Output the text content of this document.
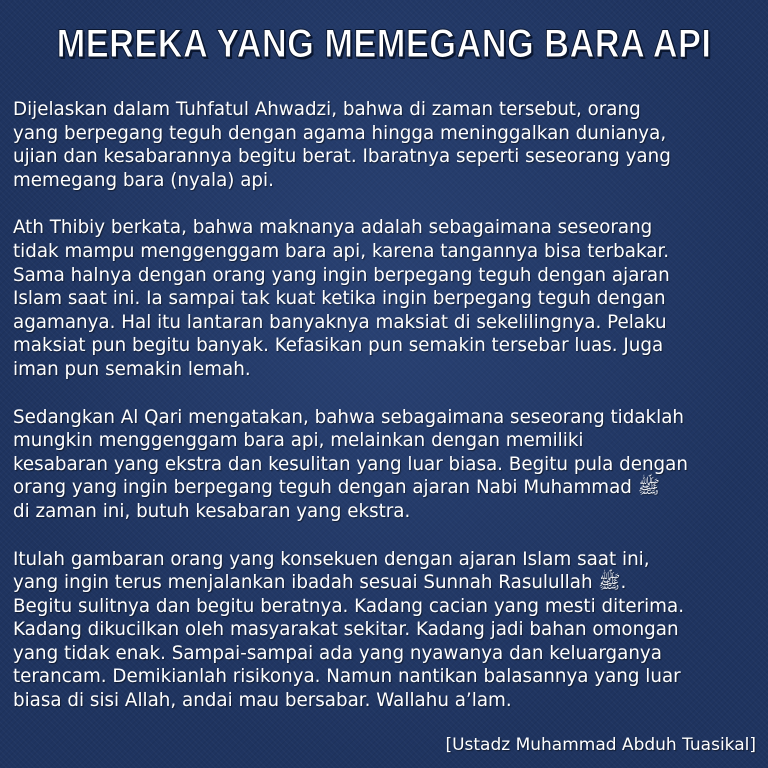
MEREKA YANG MEMEGANG BARA API
Dijelaskan dalam Tuhfatul Ahwadzi, bahwa di zaman tersebut, orang
yang berpegang teguh dengan agama hingga meninggalkan dunianya,
ujian dan kesabarannya begitu berat. Ibaratnya seperti seseorang yang
memegang bara (nyala) api.
Ath Thibiy berkata, bahwa maknanya adalah sebagaimana seseorang
tidak mampu menggenggam bara api, karena tangannya bisa terbakar.
Sama halnya dengan orang yang ingin berpegang teguh dengan ajaran
Islam saat ini. Ia sampai tak kuat ketika ingin berpegang teguh dengan
agamanya. Hal itu lantaran banyaknya maksiat di sekelilingnya. Pelaku
maksiat pun begitu banyak. Kefasikan pun semakin tersebar luas. Juga
iman pun semakin lemah.
Sedangkan Al Qari mengatakan, bahwa sebagaimana seseorang tidaklah
mungkin menggenggam bara api, melainkan dengan memiliki
kesabaran yang ekstra dan kesulitan yang luar biasa. Begitu pula dengan
orang yang ingin berpegang teguh dengan ajaran Nabi Muhammad ﷺ
di zaman ini, butuh kesabaran yang ekstra.
Itulah gambaran orang yang konsekuen dengan ajaran Islam saat ini,
yang ingin terus menjalankan ibadah sesuai Sunnah Rasulullah ﷺ.
Begitu sulitnya dan begitu beratnya. Kadang cacian yang mesti diterima.
Kadang dikucilkan oleh masyarakat sekitar. Kadang jadi bahan omongan
yang tidak enak. Sampai-sampai ada yang nyawanya dan keluarganya
terancam. Demikianlah risikonya. Namun nantikan balasannya yang luar
biasa di sisi Allah, andai mau bersabar. Wallahu a’lam.
[Ustadz Muhammad Abduh Tuasikal]
